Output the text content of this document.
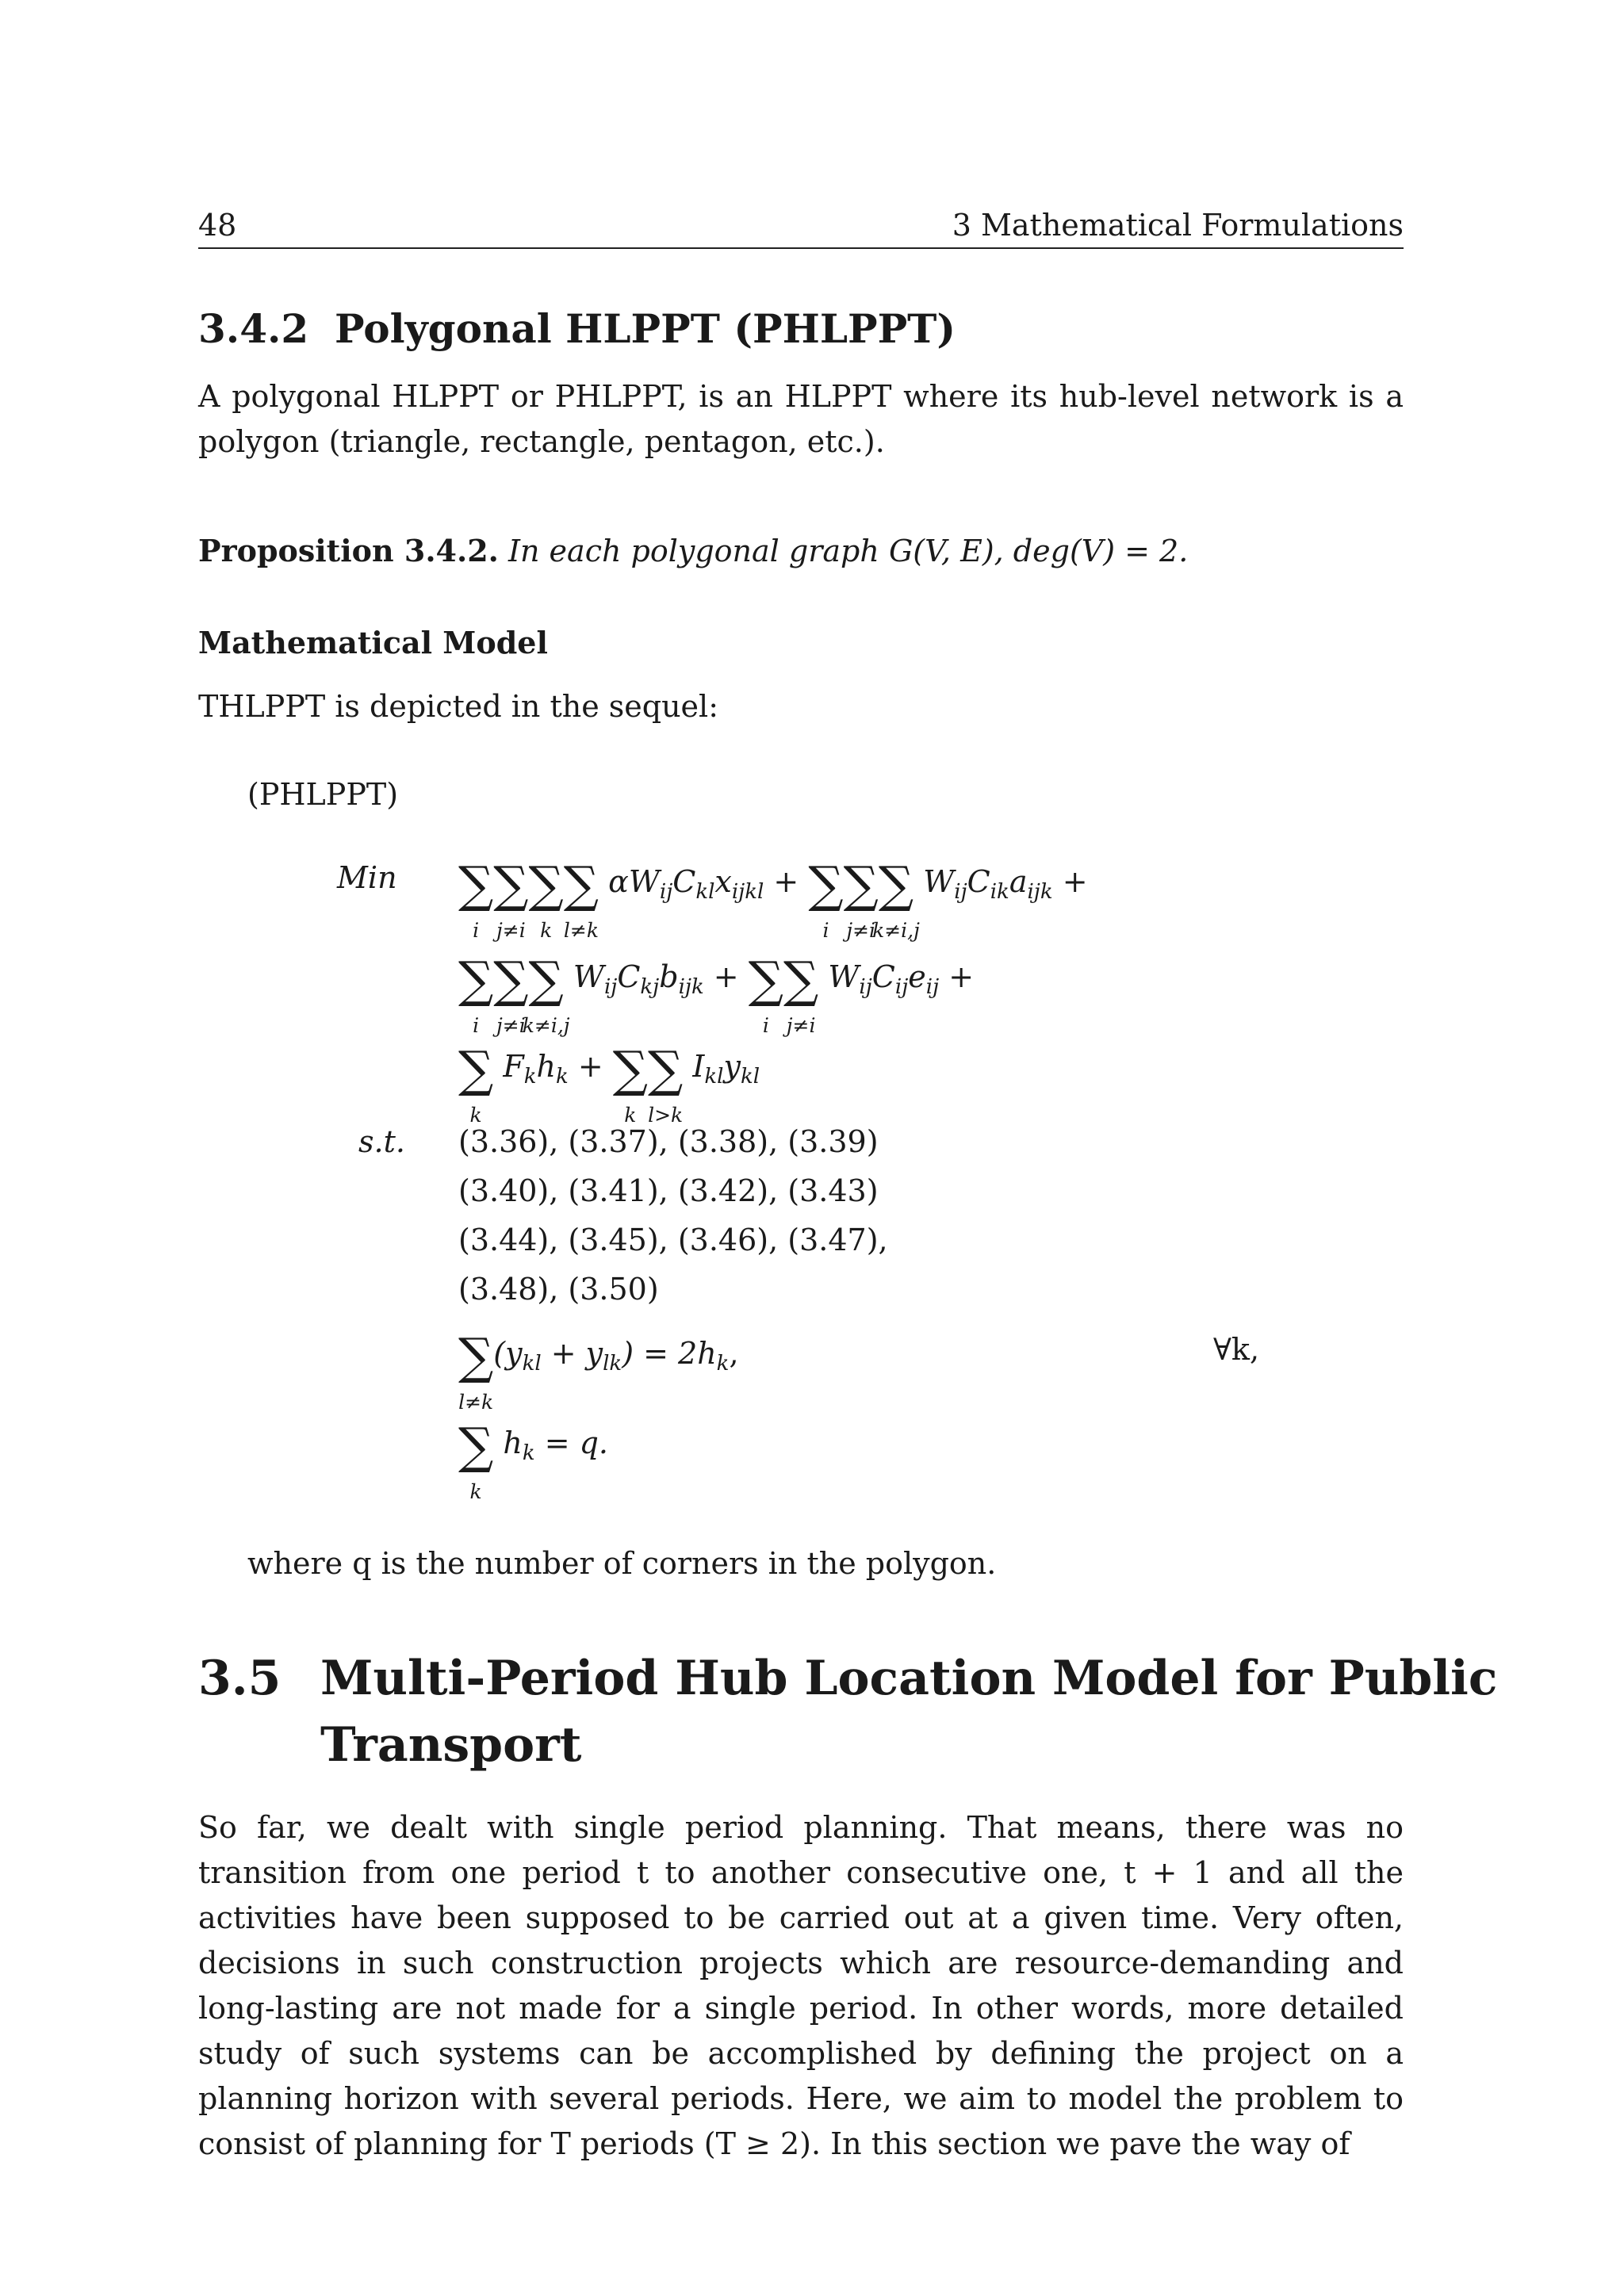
48	3 Mathematical Formulations
3.4.2 Polygonal HLPPT (PHLPPT)

A polygonal HLPPT or PHLPPT, is an HLPPT where its hub-level network is a polygon (triangle, rectangle, pentagon, etc.).

Proposition 3.4.2. In each polygonal graph G(V, E), deg(V) = 2.
Mathematical Model
THLPPT is depicted in the sequel:
(PHLPPT)
Min ∑
i
∑
j≠i
∑
k
∑
l≠k
$\alpha W_{ij}C_{kl}x_{ijkl}$ + ∑
i
∑
j≠i
∑
k≠i,j
$W_{ij}C_{ik}a_{ijk}$ +
∑
i
∑
j≠i
∑
k≠i,j
$W_{ij}C_{kj}b_{ijk}$ + ∑
i
∑
j≠i
$W_{ij}C_{ij}e_{ij}$ +
∑
k
$F_kh_k$ + ∑
k
∑
l>k
$I_{kl}y_{kl}$
s.t. (3.36), (3.37), (3.38), (3.39)
(3.40), (3.41), (3.42), (3.43)
(3.44), (3.45), (3.46), (3.47),
(3.48), (3.50)
∑
l≠k
$(y_{kl} + y_{lk}) = 2h_k$,	∀k,
∑
k
$h_k = q$.
where q is the number of corners in the polygon.
3.5 Multi-Period Hub Location Model for Public
Transport

So far, we dealt with single period planning. That means, there was no transition from one period t to another consecutive one, t + 1 and all the activities have been supposed to be carried out at a given time. Very often, decisions in such construction projects which are resource-demanding and long-lasting are not made for a single period. In other words, more detailed study of such systems can be accomplished by defining the project on a planning horizon with several periods. Here, we aim to model the problem to consist of planning for T periods (T ≥ 2). In this section we pave the way of
